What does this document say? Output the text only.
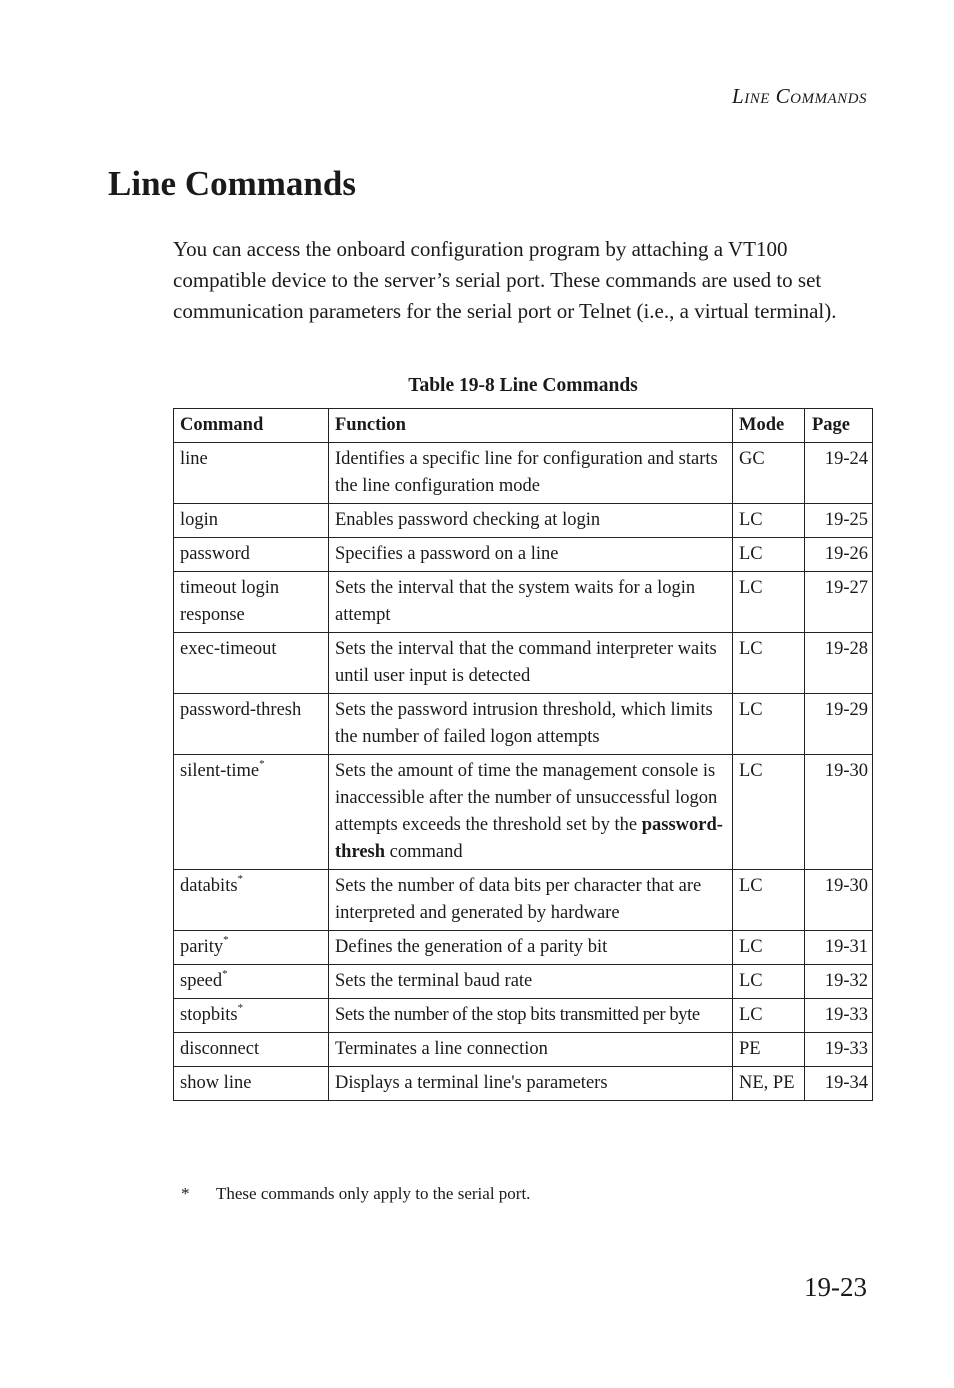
LINE COMMANDS
Line Commands

You can access the onboard configuration program by attaching a VT100 compatible device to the server’s serial port. These commands are used to set communication parameters for the serial port or Telnet (i.e., a virtual terminal).

Table 19-8 Line Commands
Command	Function	Mode	Page
line	Identifies a specific line for configuration and starts the line configuration mode	GC	19-24
login	Enables password checking at login	LC	19-25
password	Specifies a password on a line	LC	19-26
timeout login response	Sets the interval that the system waits for a login attempt	LC	19-27
exec-timeout	Sets the interval that the command interpreter waits until user input is detected	LC	19-28
password-thresh	Sets the password intrusion threshold, which limits the number of failed logon attempts	LC	19-29
silent-time*	Sets the amount of time the management console is inaccessible after the number of unsuccessful logon attempts exceeds the threshold set by the password-thresh command	LC	19-30
databits*	Sets the number of data bits per character that are interpreted and generated by hardware	LC	19-30
parity*	Defines the generation of a parity bit	LC	19-31
speed*	Sets the terminal baud rate	LC	19-32
stopbits*	Sets the number of the stop bits transmitted per byte	LC	19-33
disconnect	Terminates a line connection	PE	19-33
show line	Displays a terminal line's parameters	NE, PE	19-34
* These commands only apply to the serial port.
19-23
